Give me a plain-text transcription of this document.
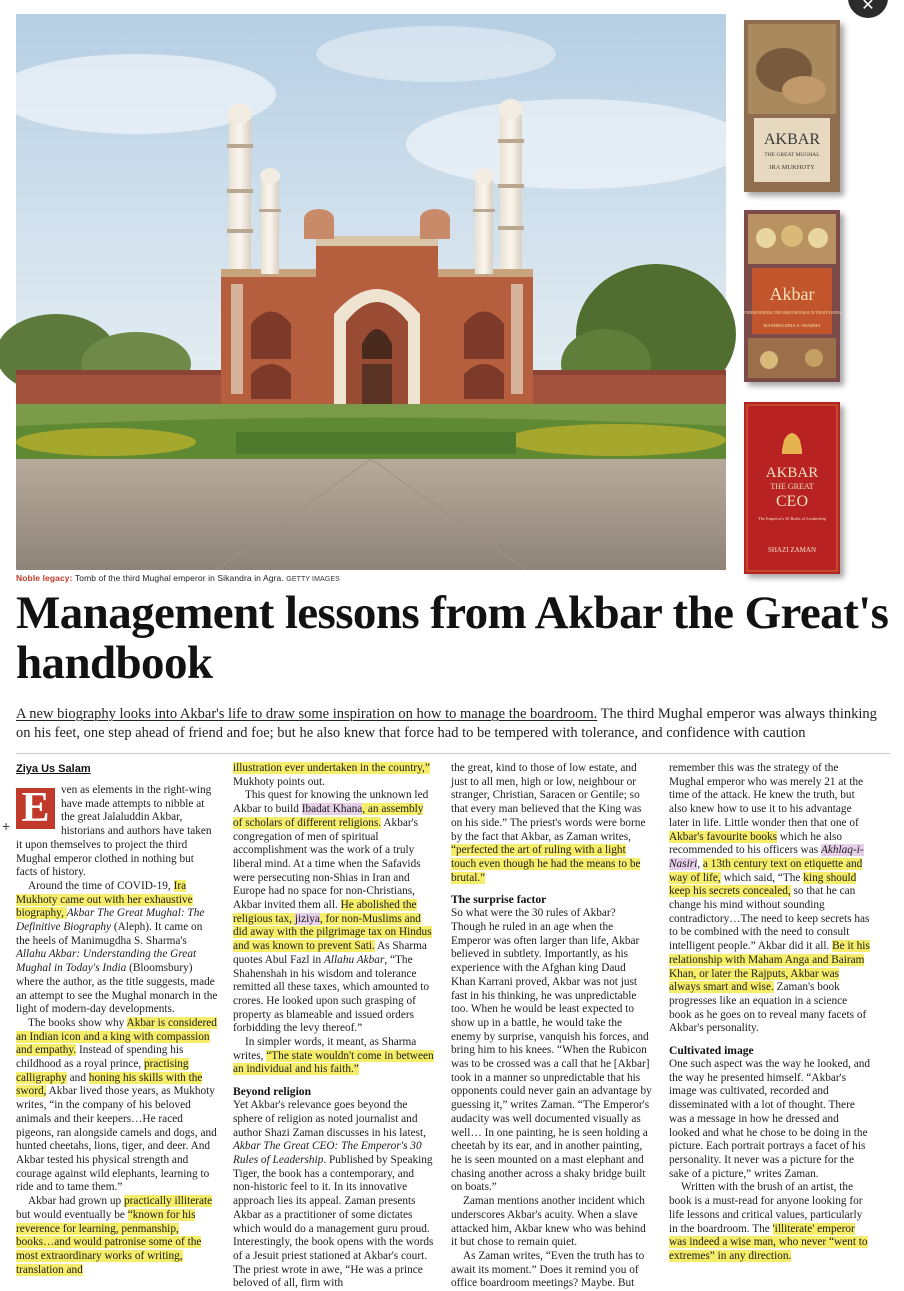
✕
Noble legacy: Tomb of the third Mughal emperor in Sikandra in Agra. GETTY IMAGES
AKBAR
THE GREAT MUGHAL
IRA MUKHOTY
Akbar
UNDERSTANDING THE GREAT MUGHAL IN TODAY'S INDIA
MANIMUGDHA S. SHARMA
AKBAR
THE GREAT
CEO
The Emperor's 30 Rules of Leadership
SHAZI ZAMAN
Management lessons from Akbar the Great's handbook

A new biography looks into Akbar's life to draw some inspiration on how to manage the boardroom. The third Mughal emperor was always thinking on his feet, one step ahead of friend and foe; but he also knew that force had to be tempered with tolerance, and confidence with caution

+
Ziya Us Salam

E	ven as elements in the right-wing have made attempts to nibble at the great Jalaluddin Akbar, historians and authors have taken it upon themselves to project the third Mughal emperor clothed in nothing but facts of history.

Around the time of COVID-19, Ira Mukhoty came out with her exhaustive biography, Akbar The Great Mughal: The Definitive Biography (Aleph). It came on the heels of Manimugdha S. Sharma's Allahu Akbar: Understanding the Great Mughal in Today's India (Bloomsbury) where the author, as the title suggests, made an attempt to see the Mughal monarch in the light of modern-day developments.

The books show why Akbar is considered an Indian icon and a king with compassion and empathy. Instead of spending his childhood as a royal prince, practising calligraphy and honing his skills with the sword, Akbar lived those years, as Mukhoty writes, “in the company of his beloved animals and their keepers…He raced pigeons, ran alongside camels and dogs, and hunted cheetahs, lions, tiger, and deer. And Akbar tested his physical strength and courage against wild elephants, learning to ride and to tame them.”

Akbar had grown up practically illiterate but would eventually be “known for his reverence for learning, penmanship, books…and would patronise some of the most extraordinary works of writing, translation and

illustration ever undertaken in the country,” Mukhoty points out.

This quest for knowing the unknown led Akbar to build Ibadat Khana, an assembly of scholars of different religions. Akbar's congregation of men of spiritual accomplishment was the work of a truly liberal mind. At a time when the Safavids were persecuting non-Shias in Iran and Europe had no space for non-Christians, Akbar invited them all. He abolished the religious tax, jiziya, for non-Muslims and did away with the pilgrimage tax on Hindus and was known to prevent Sati. As Sharma quotes Abul Fazl in Allahu Akbar, “The Shahenshah in his wisdom and tolerance remitted all these taxes, which amounted to crores. He looked upon such grasping of property as blameable and issued orders forbidding the levy thereof.”

In simpler words, it meant, as Sharma writes, “The state wouldn't come in between an individual and his faith.”

Beyond religion

Yet Akbar's relevance goes beyond the sphere of religion as noted journalist and author Shazi Zaman discusses in his latest, Akbar The Great CEO: The Emperor's 30 Rules of Leadership. Published by Speaking Tiger, the book has a contemporary, and non-historic feel to it. In its innovative approach lies its appeal. Zaman presents Akbar as a practitioner of some dictates which would do a management guru proud. Interestingly, the book opens with the words of a Jesuit priest stationed at Akbar's court. The priest wrote in awe, “He was a prince beloved of all, firm with

the great, kind to those of low estate, and just to all men, high or low, neighbour or stranger, Christian, Saracen or Gentile; so that every man believed that the King was on his side.” The priest's words were borne by the fact that Akbar, as Zaman writes, “perfected the art of ruling with a light touch even though he had the means to be brutal.”

The surprise factor

So what were the 30 rules of Akbar? Though he ruled in an age when the Emperor was often larger than life, Akbar believed in subtlety. Importantly, as his experience with the Afghan king Daud Khan Karrani proved, Akbar was not just fast in his thinking, he was unpredictable too. When he would be least expected to show up in a battle, he would take the enemy by surprise, vanquish his forces, and bring him to his knees. “When the Rubicon was to be crossed was a call that he [Akbar] took in a manner so unpredictable that his opponents could never gain an advantage by guessing it,” writes Zaman. “The Emperor's audacity was well documented visually as well… In one painting, he is seen holding a cheetah by its ear, and in another painting, he is seen mounted on a mast elephant and chasing another across a shaky bridge built on boats.”

Zaman mentions another incident which underscores Akbar's acuity. When a slave attacked him, Akbar knew who was behind it but chose to remain quiet.

As Zaman writes, “Even the truth has to await its moment.” Does it remind you of office boardroom meetings? Maybe. But

remember this was the strategy of the Mughal emperor who was merely 21 at the time of the attack. He knew the truth, but also knew how to use it to his advantage later in life. Little wonder then that one of Akbar's favourite books which he also recommended to his officers was Akhlaq-i-Nasiri, a 13th century text on etiquette and way of life, which said, “The king should keep his secrets concealed, so that he can change his mind without sounding contradictory…The need to keep secrets has to be combined with the need to consult intelligent people.” Akbar did it all. Be it his relationship with Maham Anga and Bairam Khan, or later the Rajputs, Akbar was always smart and wise. Zaman's book progresses like an equation in a science book as he goes on to reveal many facets of Akbar's personality.

Cultivated image

One such aspect was the way he looked, and the way he presented himself. “Akbar's image was cultivated, recorded and disseminated with a lot of thought. There was a message in how he dressed and looked and what he chose to be doing in the picture. Each portrait portrays a facet of his personality. It never was a picture for the sake of a picture,” writes Zaman.

Written with the brush of an artist, the book is a must-read for anyone looking for life lessons and critical values, particularly in the boardroom. The 'illiterate' emperor was indeed a wise man, who never “went to extremes” in any direction.
